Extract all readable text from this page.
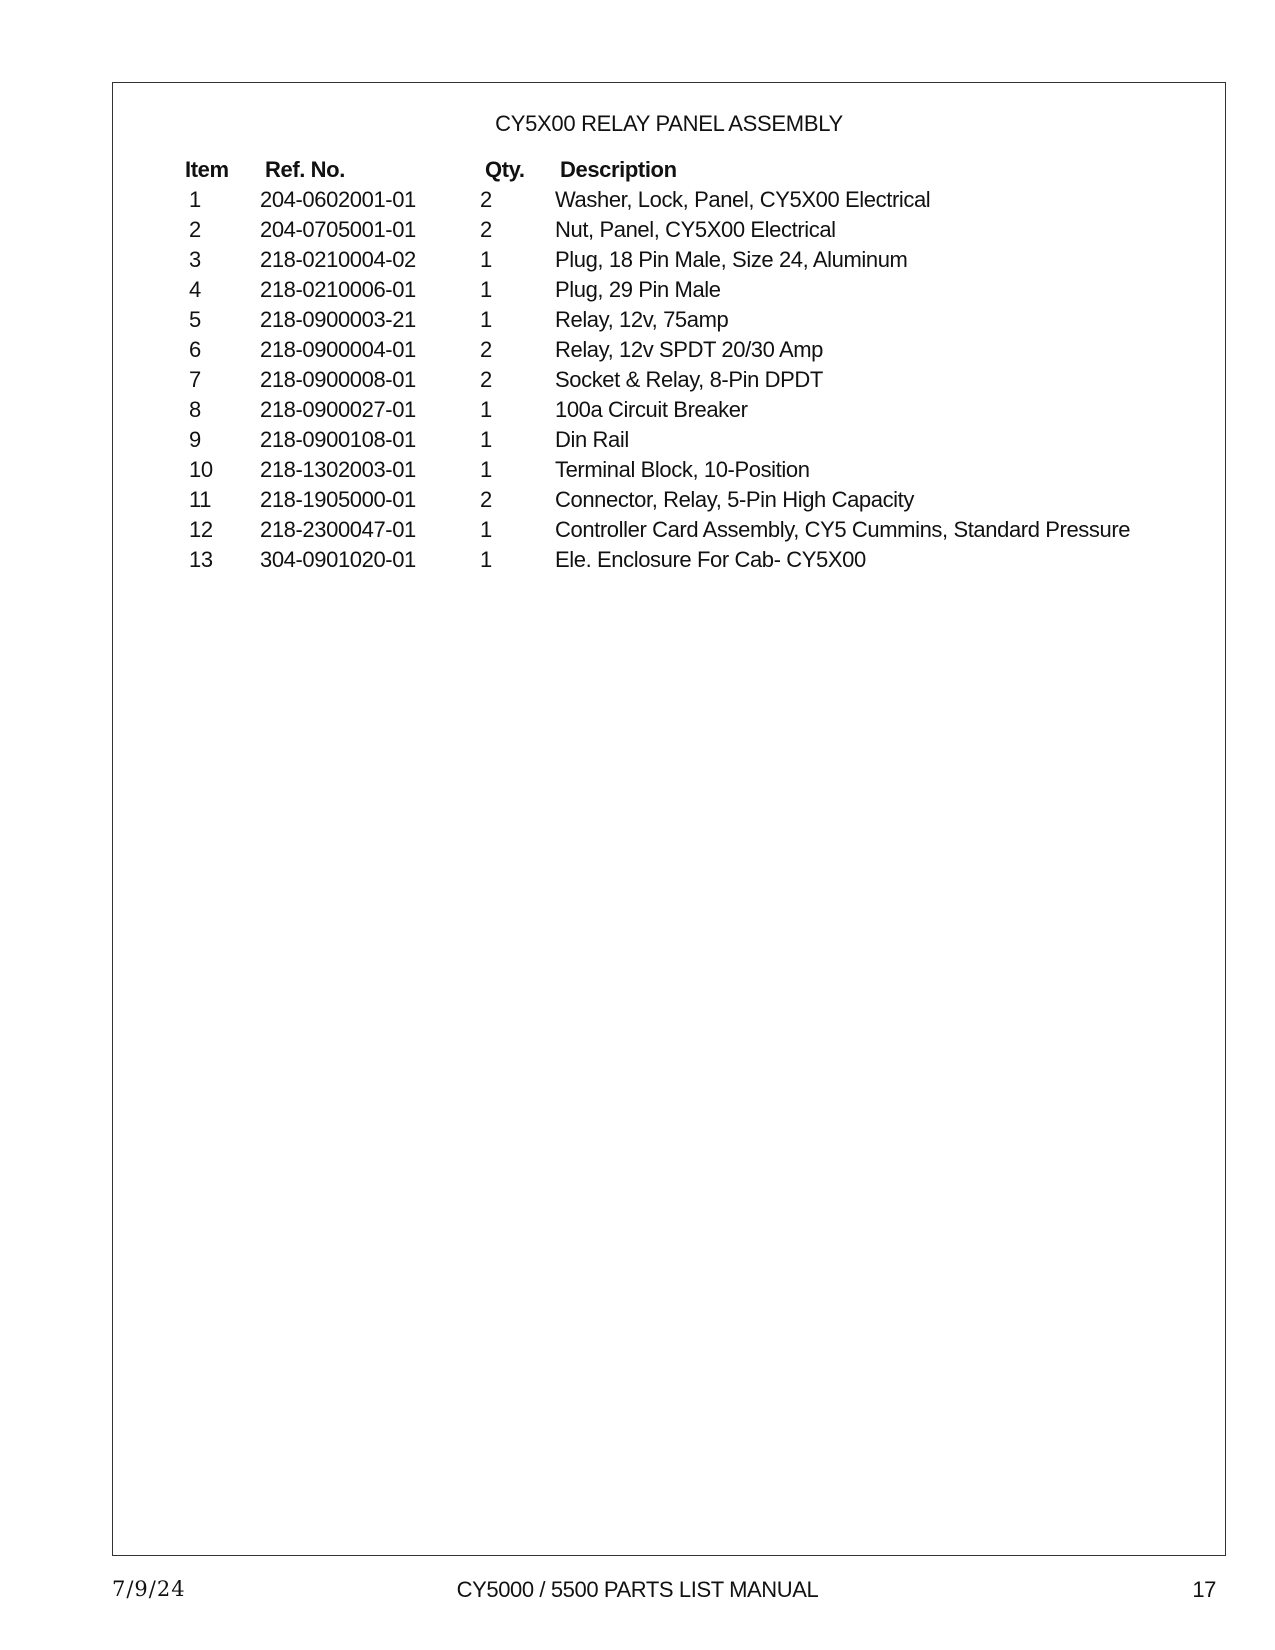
CY5X00 RELAY PANEL ASSEMBLY
Item	Ref. No.	Qty.	Description
1	204-0602001-01	2	Washer, Lock, Panel, CY5X00 Electrical
2	204-0705001-01	2	Nut, Panel, CY5X00 Electrical
3	218-0210004-02	1	Plug, 18 Pin Male, Size 24, Aluminum
4	218-0210006-01	1	Plug, 29 Pin Male
5	218-0900003-21	1	Relay, 12v, 75amp
6	218-0900004-01	2	Relay, 12v SPDT 20/30 Amp
7	218-0900008-01	2	Socket & Relay, 8-Pin DPDT
8	218-0900027-01	1	100a Circuit Breaker
9	218-0900108-01	1	Din Rail
10	218-1302003-01	1	Terminal Block, 10-Position
11	218-1905000-01	2	Connector, Relay, 5-Pin High Capacity
12	218-2300047-01	1	Controller Card Assembly, CY5 Cummins, Standard Pressure
13	304-0901020-01	1	Ele. Enclosure For Cab- CY5X00
7/9/24	CY5000 / 5500 PARTS LIST MANUAL	17
